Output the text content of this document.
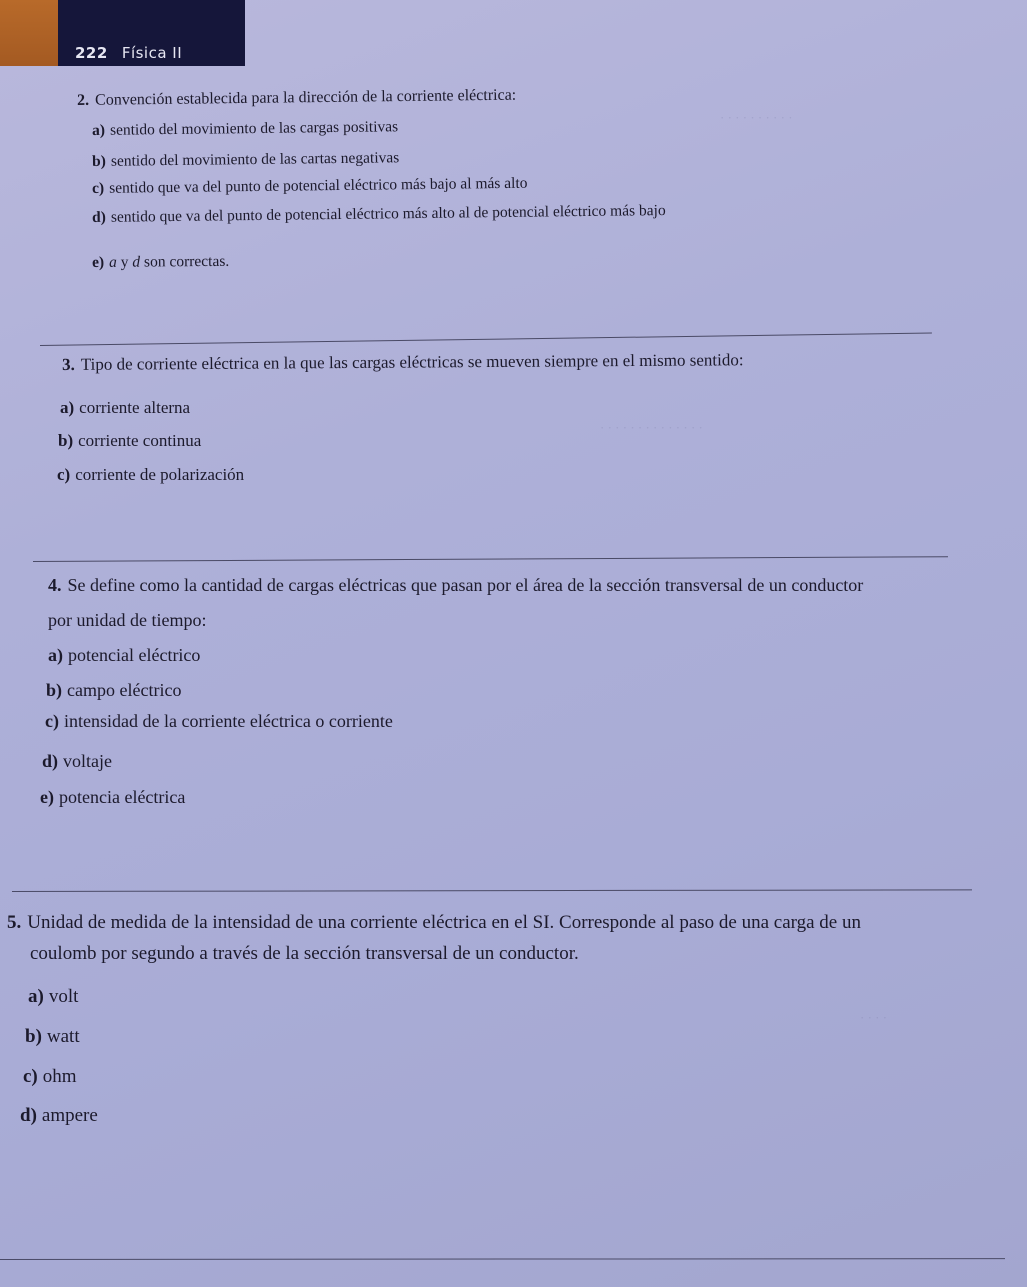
222 Física II
· · · · · · · · · ·
· · · · · · · · · · · · · ·
· · · ·
2. Convención establecida para la dirección de la corriente eléctrica:
a) sentido del movimiento de las cargas positivas
b) sentido del movimiento de las cartas negativas
c) sentido que va del punto de potencial eléctrico más bajo al más alto
d) sentido que va del punto de potencial eléctrico más alto al de potencial eléctrico más bajo
e) a y d son correctas.
3. Tipo de corriente eléctrica en la que las cargas eléctricas se mueven siempre en el mismo sentido:
a) corriente alterna
b) corriente continua
c) corriente de polarización
4. Se define como la cantidad de cargas eléctricas que pasan por el área de la sección transversal de un conductor
por unidad de tiempo:
a) potencial eléctrico
b) campo eléctrico
c) intensidad de la corriente eléctrica o corriente
d) voltaje
e) potencia eléctrica
5. Unidad de medida de la intensidad de una corriente eléctrica en el SI. Corresponde al paso de una carga de un
coulomb por segundo a través de la sección transversal de un conductor.
a) volt
b) watt
c) ohm
d) ampere
